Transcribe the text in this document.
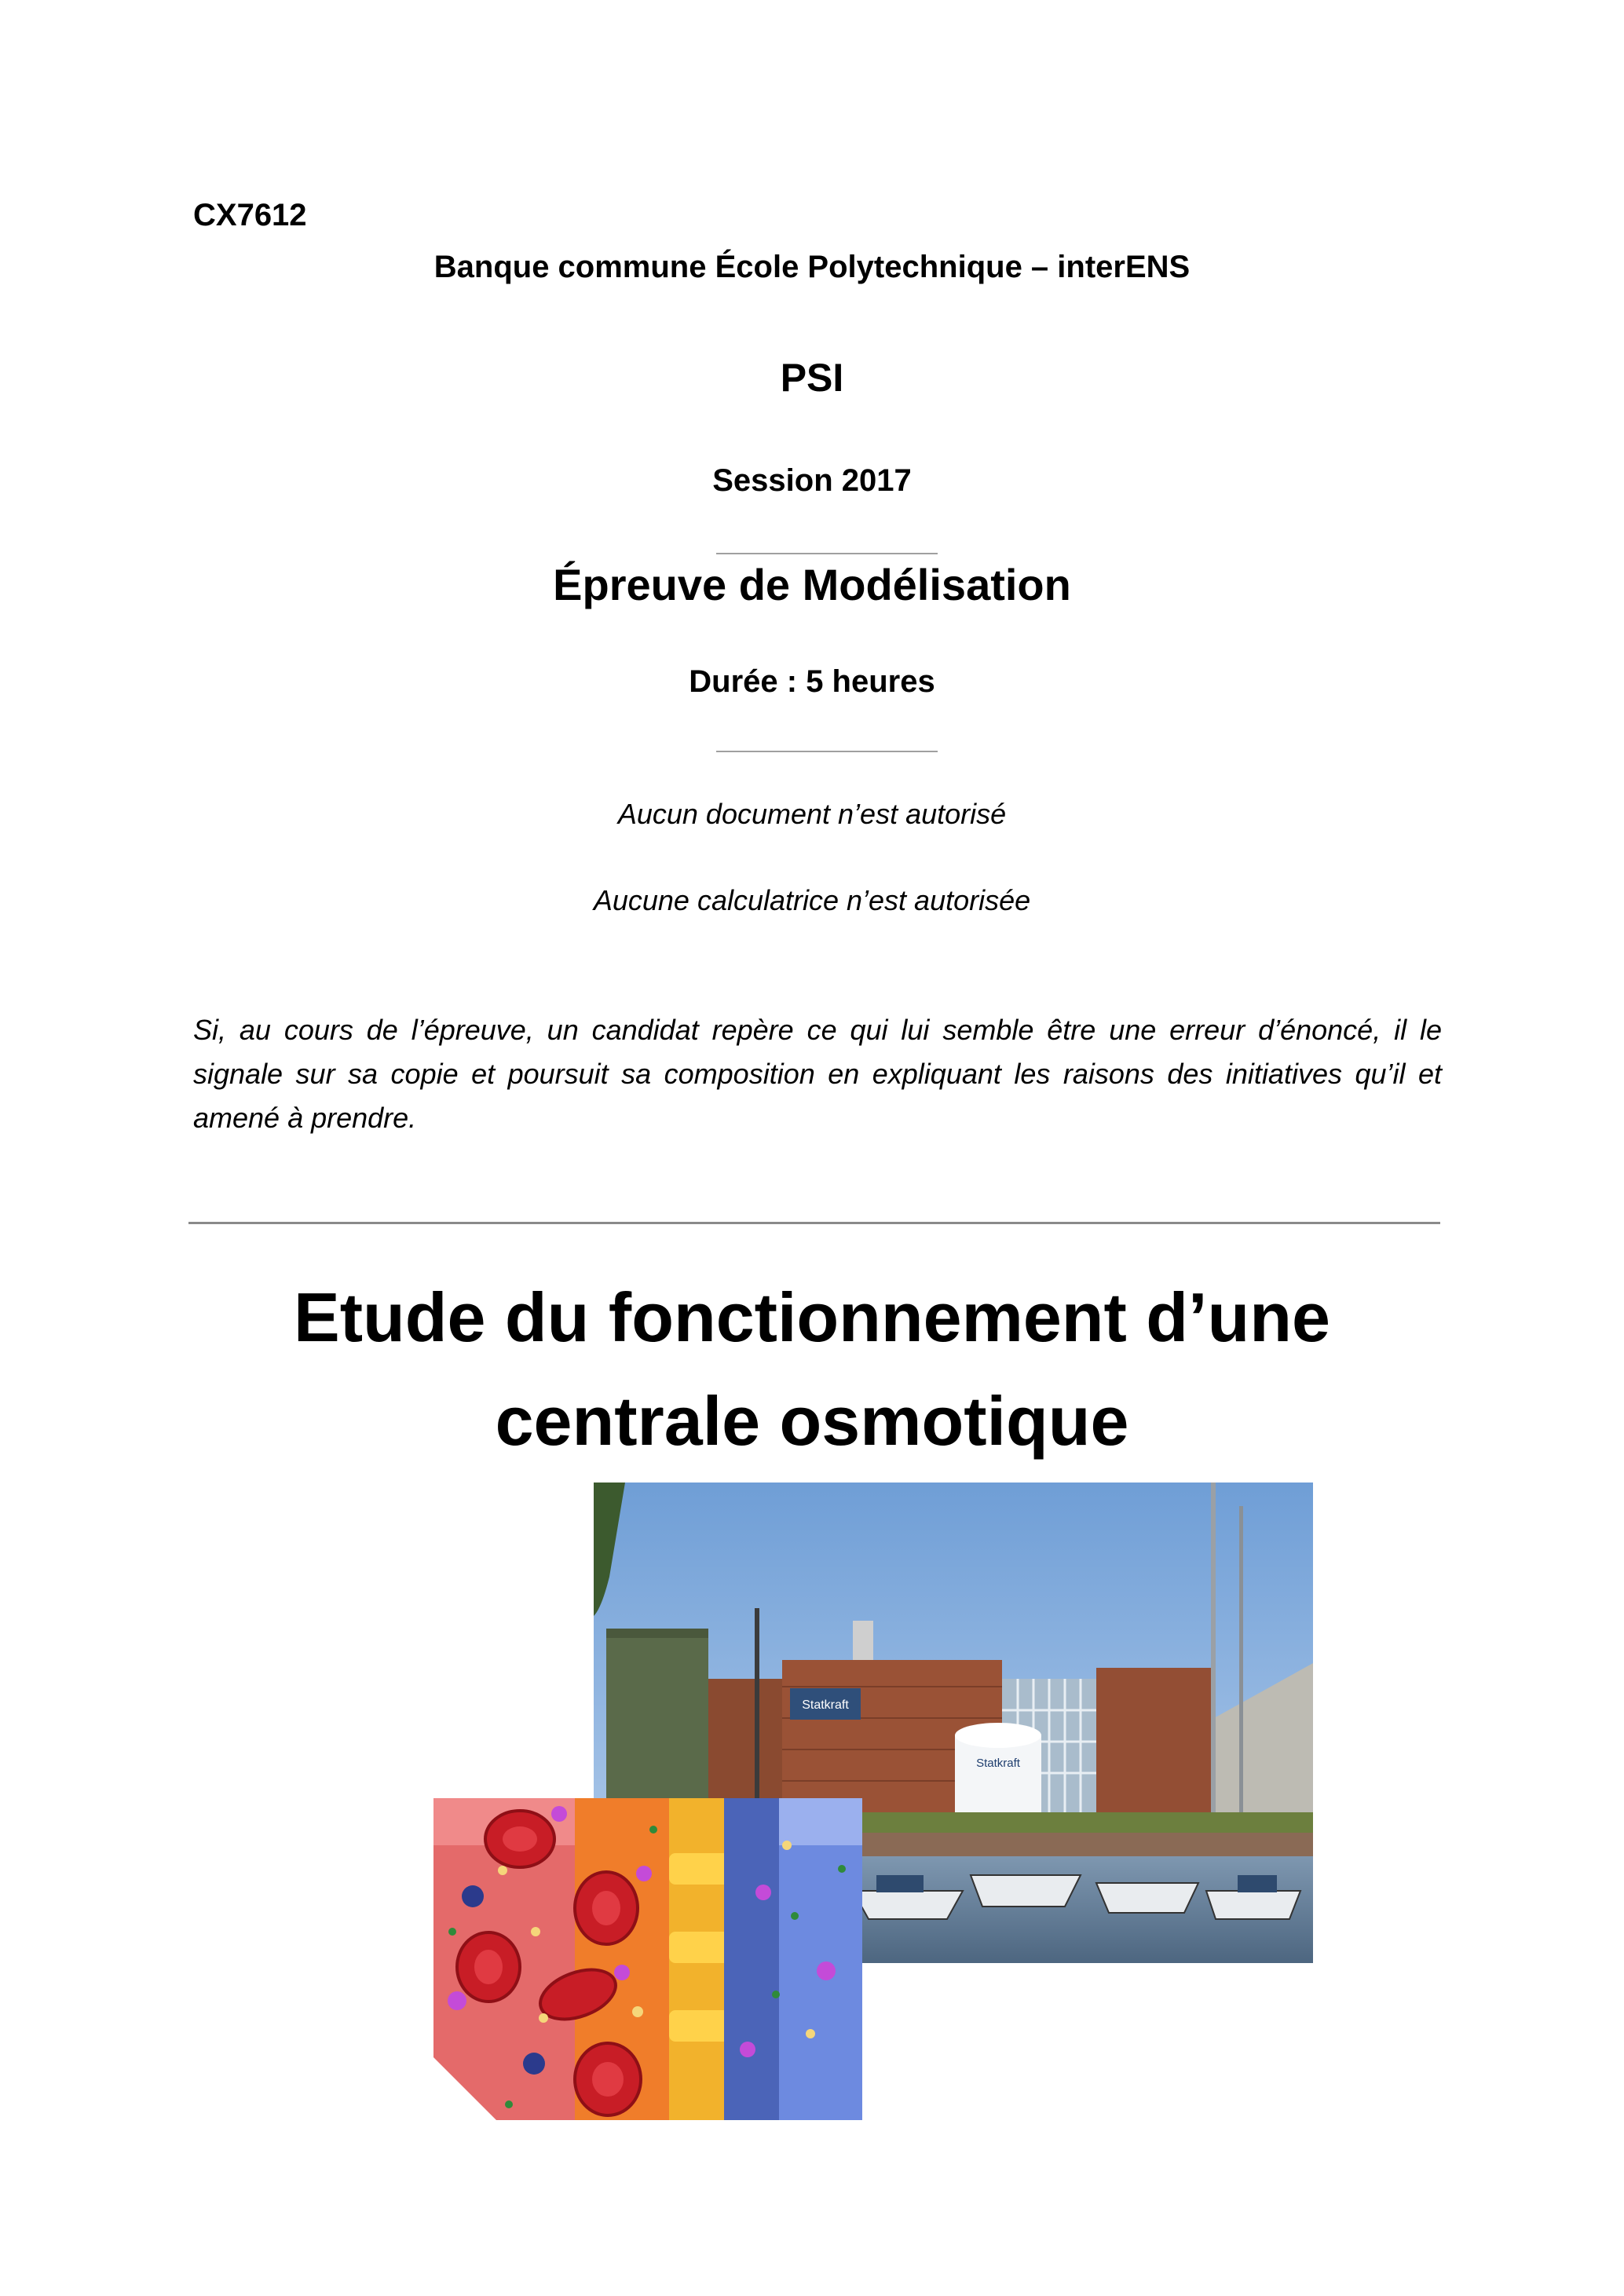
CX7612
Banque commune École Polytechnique – interENS
PSI
Session 2017
Épreuve de Modélisation
Durée : 5 heures
Aucun document n’est autorisé
Aucune calculatrice n’est autorisée
Si, au cours de l’épreuve, un candidat repère ce qui lui semble être une erreur d’énoncé, il le signale sur sa copie et poursuit sa composition en expliquant les raisons des initiatives qu’il et amené à prendre.
Etude du fonctionnement d’une
centrale osmotique
Statkraft
Statkraft
